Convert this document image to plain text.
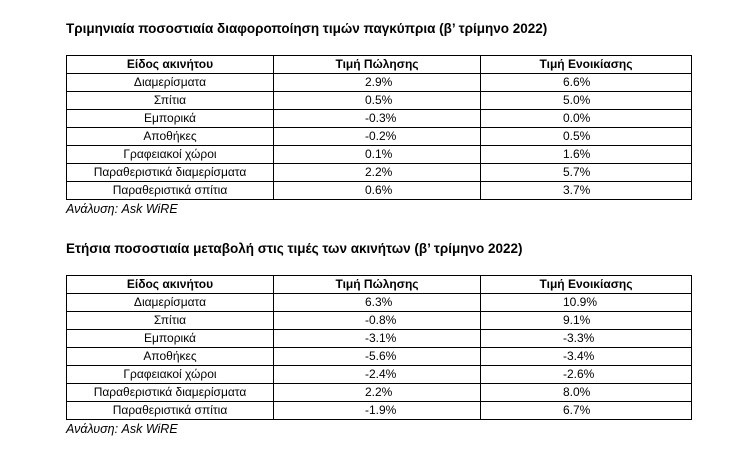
Τριμηνιαία ποσοστιαία διαφοροποίηση τιμών παγκύπρια (β’ τρίμηνο 2022)
Είδος ακινήτου	Τιμή Πώλησης	Τιμή Ενοικίασης
Διαμερίσματα	2.9%	6.6%
Σπίτια	0.5%	5.0%
Εμπορικά	-0.3%	0.0%
Αποθήκες	-0.2%	0.5%
Γραφειακοί χώροι	0.1%	1.6%
Παραθεριστικά διαμερίσματα	2.2%	5.7%
Παραθεριστικά σπίτια	0.6%	3.7%
Ανάλυση: Ask WiRE
Ετήσια ποσοστιαία μεταβολή στις τιμές των ακινήτων (β’ τρίμηνο 2022)
Είδος ακινήτου	Τιμή Πώλησης	Τιμή Ενοικίασης
Διαμερίσματα	6.3%	10.9%
Σπίτια	-0.8%	9.1%
Εμπορικά	-3.1%	-3.3%
Αποθήκες	-5.6%	-3.4%
Γραφειακοί χώροι	-2.4%	-2.6%
Παραθεριστικά διαμερίσματα	2.2%	8.0%
Παραθεριστικά σπίτια	-1.9%	6.7%
Ανάλυση: Ask WiRE
